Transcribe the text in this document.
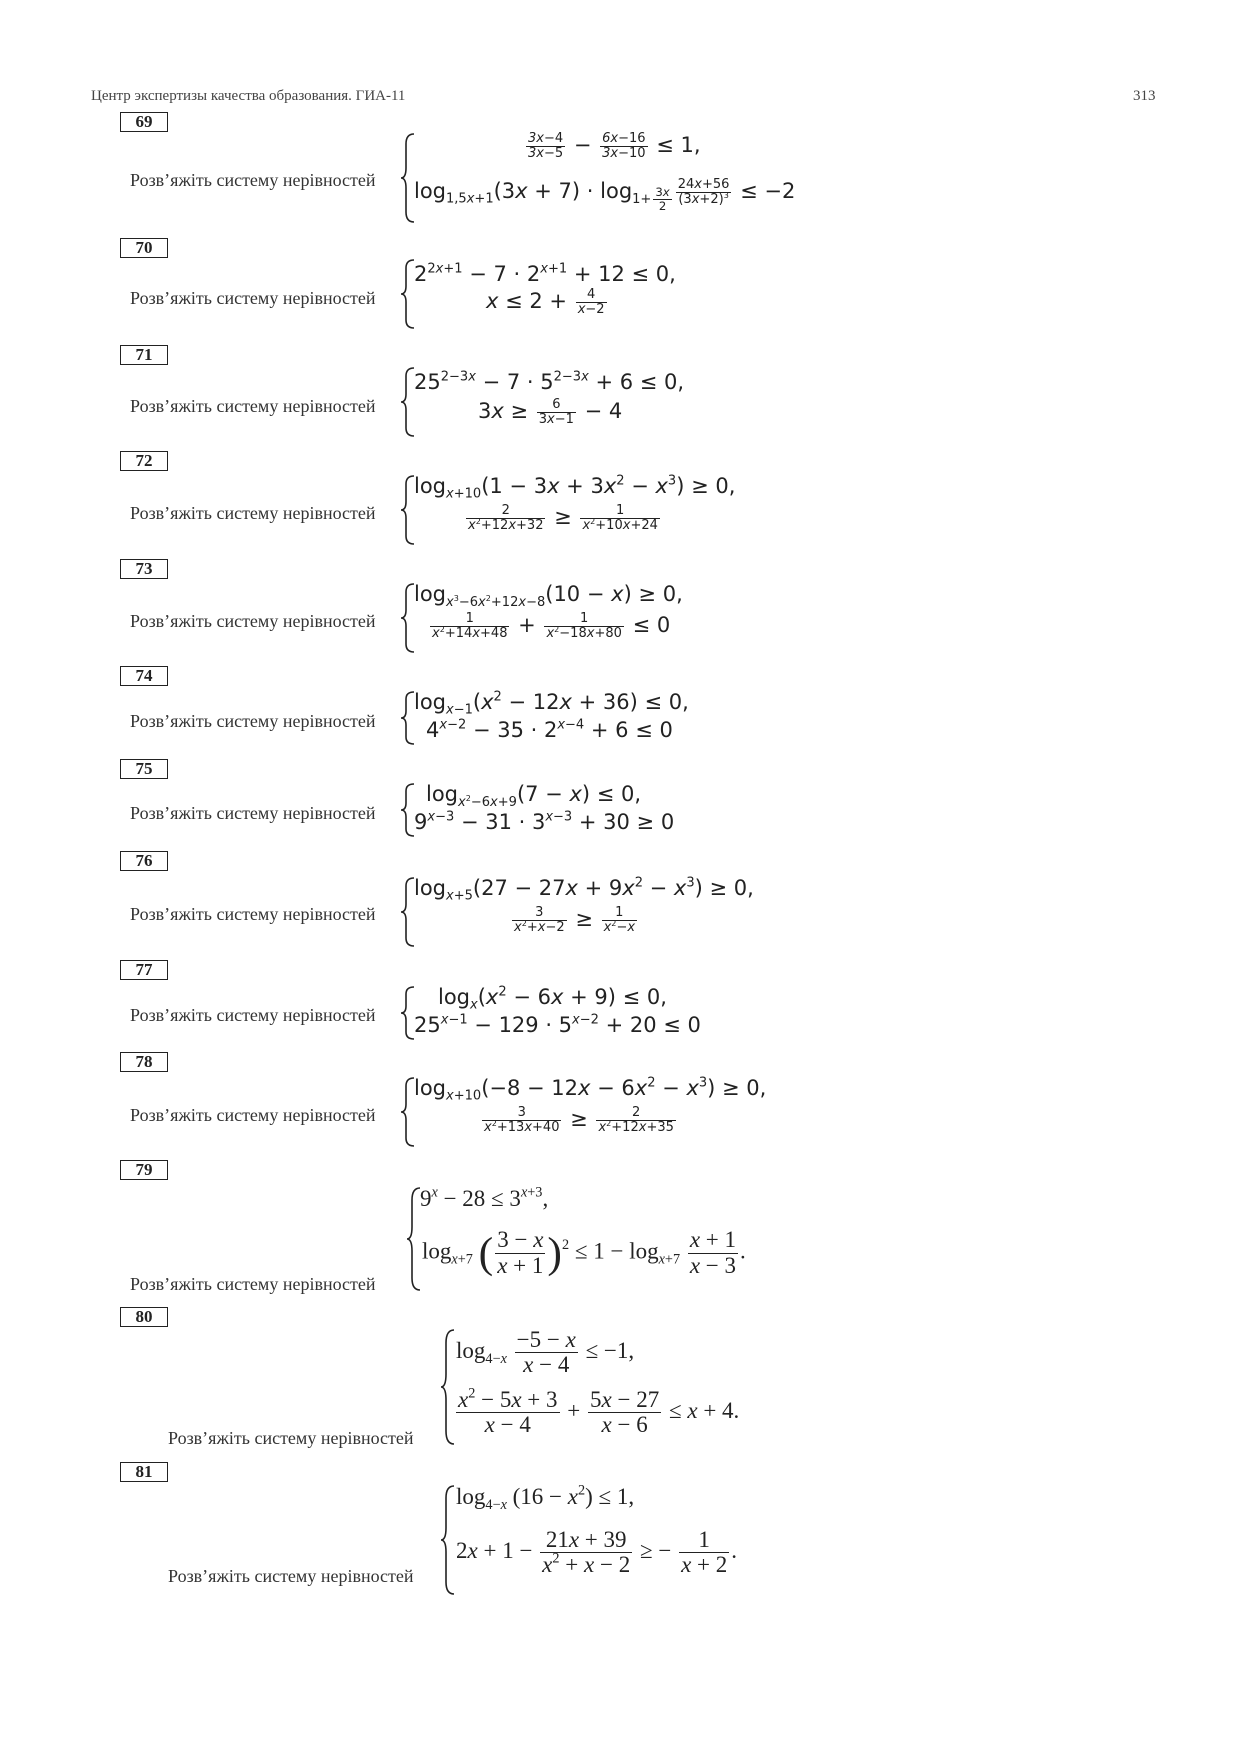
Центр экспертизы качества образования. ГИА-11	313
69
Розв’яжіть систему нерівностей
$\frac{3x-4}{3x-5} - \frac{6x-16}{3x-10} \le 1$,
$\log_{1,5x+1}(3x + 7) \cdot \log_{1+ \frac{3x}{2}} \frac{24x+56}{(3x+2)^3} \le -2$
70
Розв’яжіть систему нерівностей
$2^{2x+1} - 7 \cdot 2^{x+1} + 12 \le 0$,
$x \le 2 + \frac{4}{x-2}$
71
Розв’яжіть систему нерівностей
$25^{2-3x} - 7 \cdot 5^{2-3x} + 6 \le 0$,
$3x \ge \frac{6}{3x-1} - 4$
72
Розв’яжіть систему нерівностей
$\log_{x+10}(1 - 3x + 3x^2 - x^3) \ge 0$,
$\frac{2}{x^2+12x+32} \ge \frac{1}{x^2+10x+24}$
73
Розв’яжіть систему нерівностей
$\log_{x^3-6x^2+12x-8}(10 - x) \ge 0$,
$\frac{1}{x^2+14x+48} + \frac{1}{x^2-18x+80} \le 0$
74
Розв’яжіть систему нерівностей
$\log_{x-1}(x^2 - 12x + 36) \le 0$,
$4^{x-2} - 35 \cdot 2^{x-4} + 6 \le 0$
75
Розв’яжіть систему нерівностей
$\log_{x^2-6x+9}(7 - x) \le 0$,
$9^{x-3} - 31 \cdot 3^{x-3} + 30 \ge 0$
76
Розв’яжіть систему нерівностей
$\log_{x+5}(27 - 27x + 9x^2 - x^3) \ge 0$,
$\frac{3}{x^2+x-2} \ge \frac{1}{x^2-x}$
77
Розв’яжіть систему нерівностей
$\log_x(x^2 - 6x + 9) \le 0$,
$25^{x-1} - 129 \cdot 5^{x-2} + 20 \le 0$
78
Розв’яжіть систему нерівностей
$\log_{x+10}(-8 - 12x - 6x^2 - x^3) \ge 0$,
$\frac{3}{x^2+13x+40} \ge \frac{2}{x^2+12x+35}$
79
Розв’яжіть систему нерівностей
$9^x - 28 \le 3^{x+3}$,
$\log_{x+7}$ ( $\frac{3 - x}{x + 1} )^2 \le 1 - \log_{x+7} \frac{x + 1}{x - 3}$ .
80
Розв’яжіть систему нерівностей
$\log_{4-x} \frac{-5 - x}{x - 4} \le -1$,
$\frac{x^2 - 5x + 3}{x - 4} + \frac{5x - 27}{x - 6} \le x + 4$.
81
Розв’яжіть систему нерівностей
$\log_{4-x} (16 - x^2) \le 1$,
$2x + 1 - \frac{21x + 39}{x^2 + x - 2}$ ≥ − $\frac{1}{x + 2}$ .
